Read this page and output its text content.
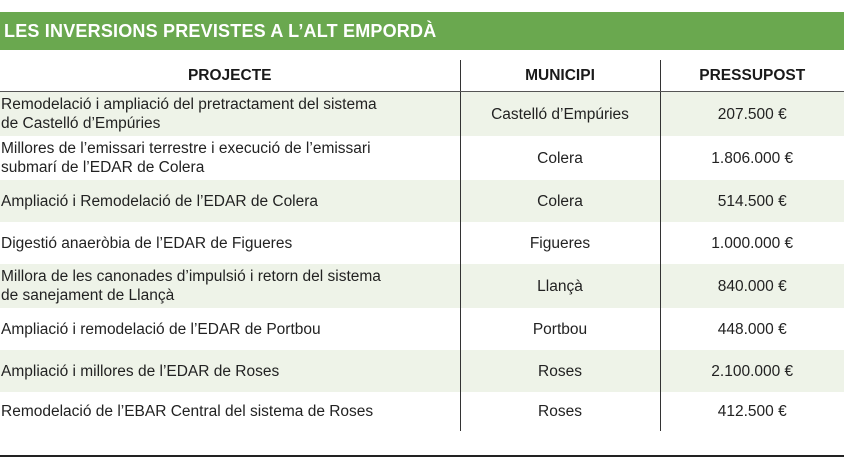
LES INVERSIONS PREVISTES A L’ALT EMPORDÀ
PROJECTE	MUNICIPI	PRESSUPOST
Remodelació i ampliació del pretractament del sistema
de Castelló d’Empúries	Castelló d’Empúries	207.500 €
Millores de l’emissari terrestre i execució de l’emissari
submarí de l’EDAR de Colera	Colera	1.806.000 €
Ampliació i Remodelació de l’EDAR de Colera	Colera	514.500 €
Digestió anaeròbia de l’EDAR de Figueres	Figueres	1.000.000 €
Millora de les canonades d’impulsió i retorn del sistema
de sanejament de Llançà	Llançà	840.000 €
Ampliació i remodelació de l’EDAR de Portbou	Portbou	448.000 €
Ampliació i millores de l’EDAR de Roses	Roses	2.100.000 €
Remodelació de l’EBAR Central del sistema de Roses	Roses	412.500 €
